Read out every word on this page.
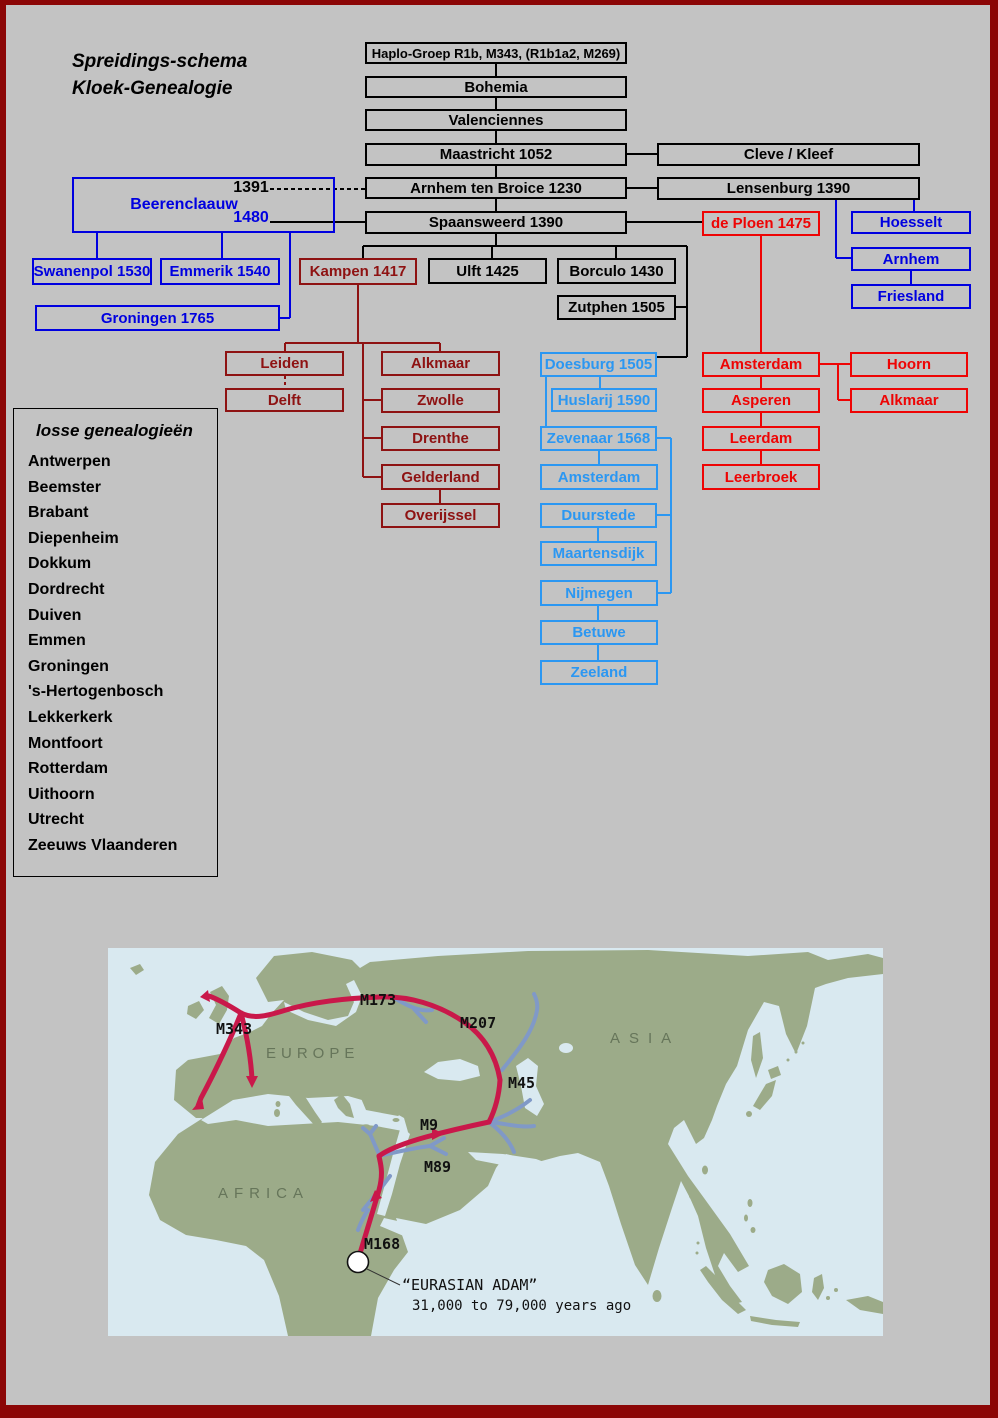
Spreidings-schema
Kloek-Genealogie
Beerenclaauw
1391
1480
Haplo-Groep R1b, M343, (R1b1a2, M269)
Bohemia
Valenciennes
Maastricht 1052
Arnhem ten Broice 1230
Spaansweerd 1390
Cleve / Kleef
Lensenburg 1390
Ulft 1425	Borculo 1430
Zutphen 1505
Swanenpol 1530	Emmerik 1540
Groningen 1765
Hoesselt
Arnhem
Friesland
Kampen 1417
Leiden
Delft
Alkmaar
Zwolle
Drenthe
Gelderland
Overijssel
de Ploen 1475
Amsterdam
Asperen
Leerdam
Leerbroek
Hoorn
Alkmaar
Doesburg 1505
Huslarij 1590
Zevenaar 1568
Amsterdam
Duurstede
Maartensdijk
Nijmegen
Betuwe
Zeeland
losse genealogieën
Antwerpen
Beemster
Brabant
Diepenheim
Dokkum
Dordrecht
Duiven
Emmen
Groningen
's-Hertogenbosch
Lekkerkerk
Montfoort
Rotterdam
Uithoorn
Utrecht
Zeeuws Vlaanderen
EUROPE
ASIA
AFRICA
M343
M173
M207
M45
M9
M89
M168
“EURASIAN ADAM”
31,000 to 79,000 years ago
